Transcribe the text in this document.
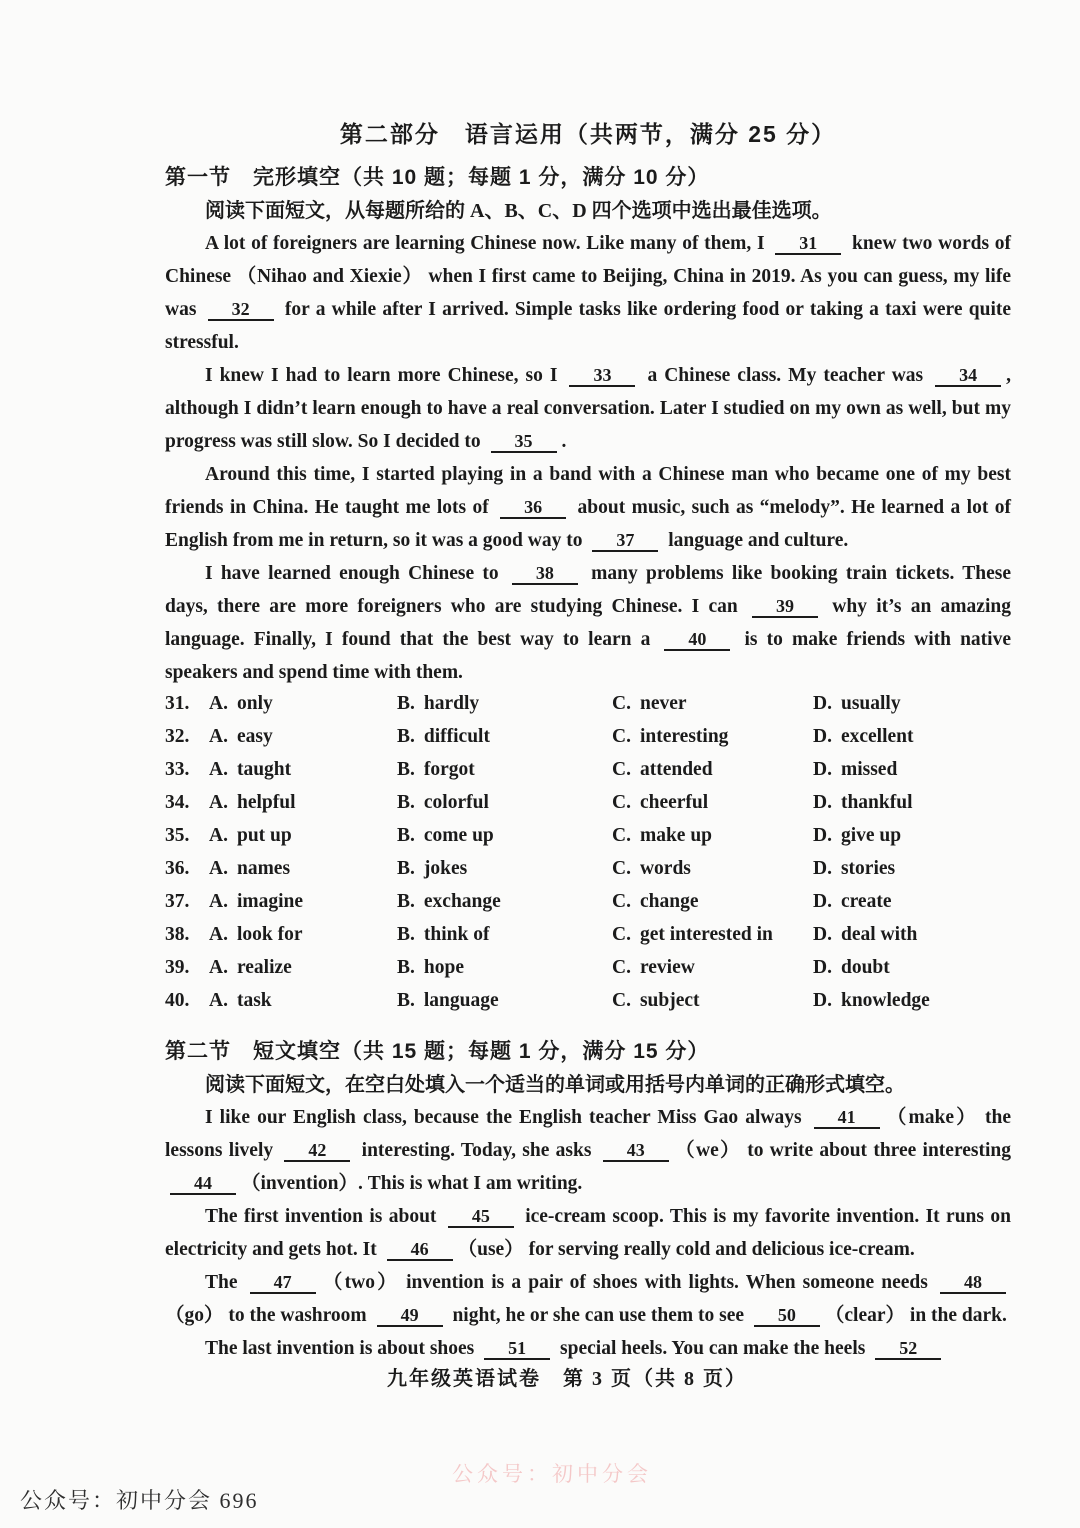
第二部分　语言运用（共两节，满分 25 分）
第一节　完形填空（共 10 题；每题 1 分，满分 10 分）

阅读下面短文，从每题所给的 A、B、C、D 四个选项中选出最佳选项。

A lot of foreigners are learning Chinese now. Like many of them, I 31 knew two words of Chinese （Nihao and Xiexie） when I first came to Beijing, China in 2019. As you can guess, my life was 32 for a while after I arrived. Simple tasks like ordering food or taking a taxi were quite stressful.

I knew I had to learn more Chinese, so I 33 a Chinese class. My teacher was 34 , although I didn’t learn enough to have a real conversation. Later I studied on my own as well, but my progress was still slow. So I decided to 35 .

Around this time, I started playing in a band with a Chinese man who became one of my best friends in China. He taught me lots of 36 about music, such as “melody”. He learned a lot of English from me in return, so it was a good way to 37 language and culture.

I have learned enough Chinese to 38 many problems like booking train tickets. These days, there are more foreigners who are studying Chinese. I can 39 why it’s an amazing language. Finally, I found that the best way to learn a 40 is to make friends with native speakers and spend time with them.

31.	A. only	B. hardly	C. never	D. usually
32.	A. easy	B. difficult	C. interesting	D. excellent
33.	A. taught	B. forgot	C. attended	D. missed
34.	A. helpful	B. colorful	C. cheerful	D. thankful
35.	A. put up	B. come up	C. make up	D. give up
36.	A. names	B. jokes	C. words	D. stories
37.	A. imagine	B. exchange	C. change	D. create
38.	A. look for	B. think of	C. get interested in	D. deal with
39.	A. realize	B. hope	C. review	D. doubt
40.	A. task	B. language	C. subject	D. knowledge
第二节　短文填空（共 15 题；每题 1 分，满分 15 分）

阅读下面短文，在空白处填入一个适当的单词或用括号内单词的正确形式填空。

I like our English class, because the English teacher Miss Gao always 41 （make） the lessons lively 42 interesting. Today, she asks 43 （we） to write about three interesting 44 （invention）. This is what I am writing.

The first invention is about 45 ice-cream scoop. This is my favorite invention. It runs on electricity and gets hot. It 46 （use） for serving really cold and delicious ice-cream.

The 47 （two） invention is a pair of shoes with lights. When someone needs 48（go） to the washroom 49 night, he or she can use them to see 50 （clear） in the dark.

The last invention is about shoes 51 special heels. You can make the heels 52

九年级英语试卷　第 3 页（共 8 页）
公众号：初中分会
公众号：初中分会 696
